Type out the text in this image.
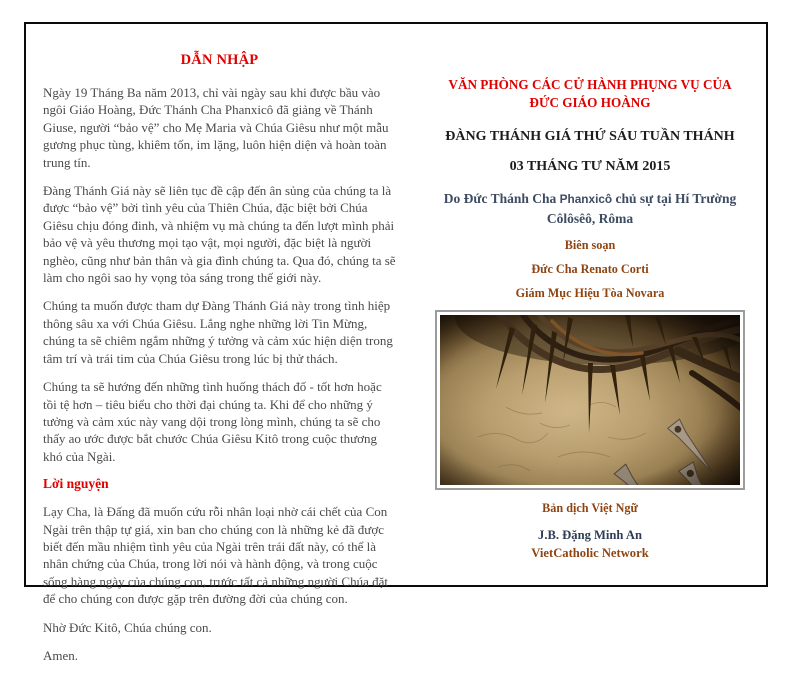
DẪN NHẬP

Ngày 19 Tháng Ba năm 2013, chỉ vài ngày sau khi được bầu vào ngôi Giáo Hoàng, Đức Thánh Cha Phanxicô đã giảng về Thánh Giuse, người “bảo vệ” cho Mẹ Maria và Chúa Giêsu như một mẫu gương phục tùng, khiêm tốn, im lặng, luôn hiện diện và hoàn toàn trung tín.

Đàng Thánh Giá này sẽ liên tục đề cập đến ân sủng của chúng ta là được “bảo vệ” bởi tình yêu của Thiên Chúa, đặc biệt bởi Chúa Giêsu chịu đóng đinh, và nhiệm vụ mà chúng ta đến lượt mình phải bảo vệ và yêu thương mọi tạo vật, mọi người, đặc biệt là người nghèo, cũng như bản thân và gia đình chúng ta. Qua đó, chúng ta sẽ làm cho ngôi sao hy vọng tỏa sáng trong thế giới này.

Chúng ta muốn được tham dự Đàng Thánh Giá này trong tình hiệp thông sâu xa với Chúa Giêsu. Lắng nghe những lời Tin Mừng, chúng ta sẽ chiêm ngắm những ý tưởng và cảm xúc hiện diện trong tâm trí và trái tim của Chúa Giêsu trong lúc bị thử thách.

Chúng ta sẽ hướng đến những tình huống thách đố - tốt hơn hoặc tồi tệ hơn – tiêu biểu cho thời đại chúng ta. Khi để cho những ý tưởng và cảm xúc này vang dội trong lòng mình, chúng ta sẽ cho thấy ao ước được bắt chước Chúa Giêsu Kitô trong cuộc thương khó của Ngài.

Lời nguyện

Lạy Cha, là Đấng đã muốn cứu rỗi nhân loại nhờ cái chết của Con Ngài trên thập tự giá, xin ban cho chúng con là những kẻ đã được biết đến mầu nhiệm tình yêu của Ngài trên trái đất này, có thể là nhân chứng của Chúa, trong lời nói và hành động, và trong cuộc sống hàng ngày của chúng con, trước tất cả những người Chúa đặt để cho chúng con được gặp trên đường đời của chúng con.

Nhờ Đức Kitô, Chúa chúng con.

Amen.

VĂN PHÒNG CÁC CỬ HÀNH PHỤNG VỤ CỦA
ĐỨC GIÁO HOÀNG
ĐÀNG THÁNH GIÁ THỨ SÁU TUẦN THÁNH
03 THÁNG TƯ NĂM 2015
Do Đức Thánh Cha Phanxicô chủ sự tại Hí Trường
Côlôsêô, Rôma
Biên soạn
Đức Cha Renato Corti
Giám Mục Hiệu Tòa Novara
Bản dịch Việt Ngữ
J.B. Đặng Minh An
VietCatholic Network
